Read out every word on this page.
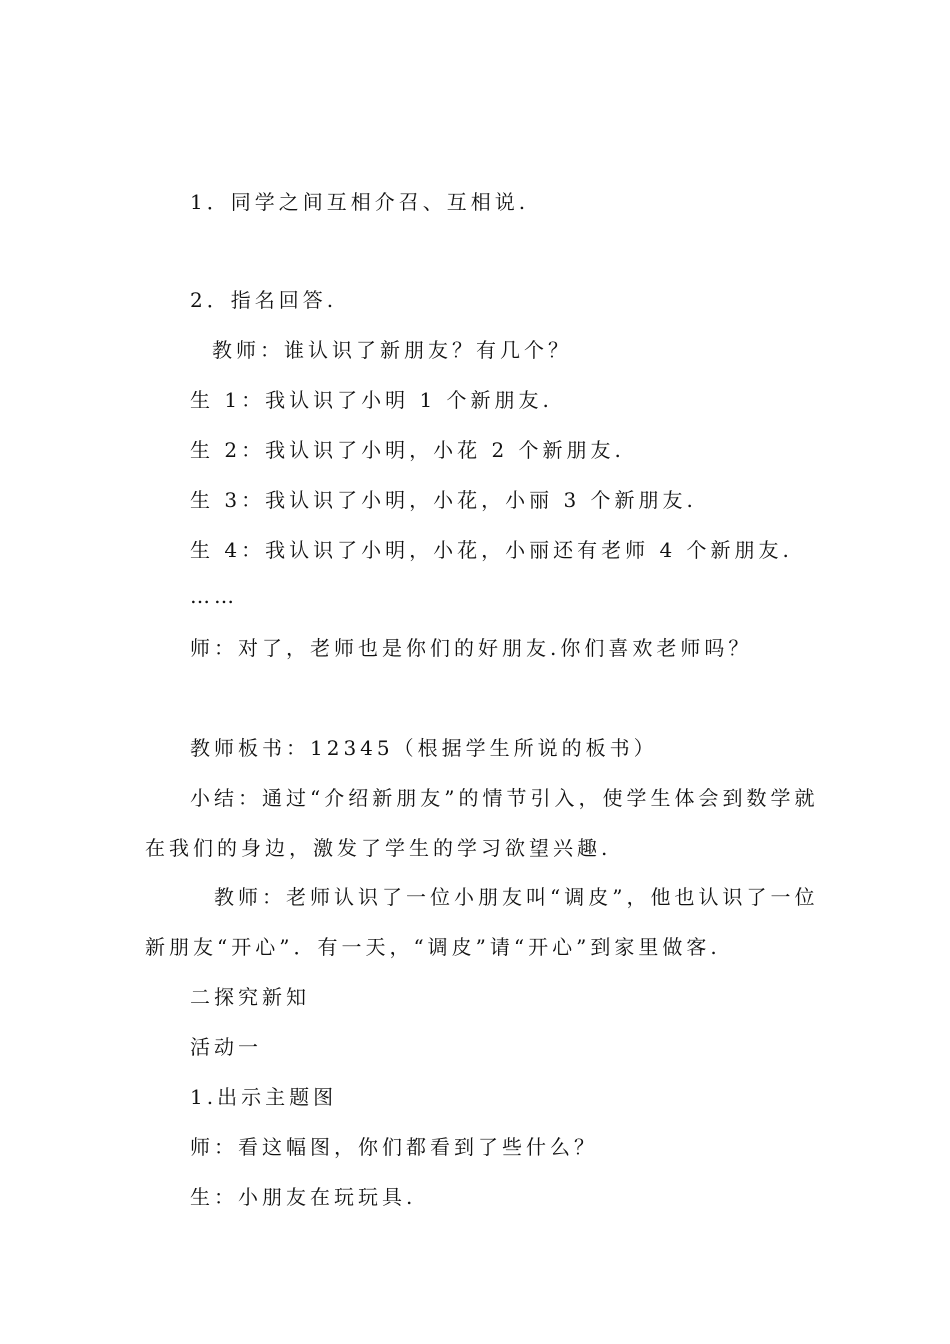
1．同学之间互相介召、互相说.
2．指名回答.
教师：谁认识了新朋友？有几个？
生 1：我认识了小明 1 个新朋友.
生 2：我认识了小明，小花 2 个新朋友.
生 3：我认识了小明，小花，小丽 3 个新朋友.
生 4：我认识了小明，小花，小丽还有老师 4 个新朋友.
……
师：对了，老师也是你们的好朋友.你们喜欢老师吗？
教师板书：12345（根据学生所说的板书）
小结：通过“介绍新朋友”的情节引入，使学生体会到数学就
在我们的身边，激发了学生的学习欲望兴趣.
教师：老师认识了一位小朋友叫“调皮”，他也认识了一位
新朋友“开心”．有一天，“调皮”请“开心”到家里做客.
二探究新知
活动一
1.出示主题图
师：看这幅图，你们都看到了些什么？
生：小朋友在玩玩具.
